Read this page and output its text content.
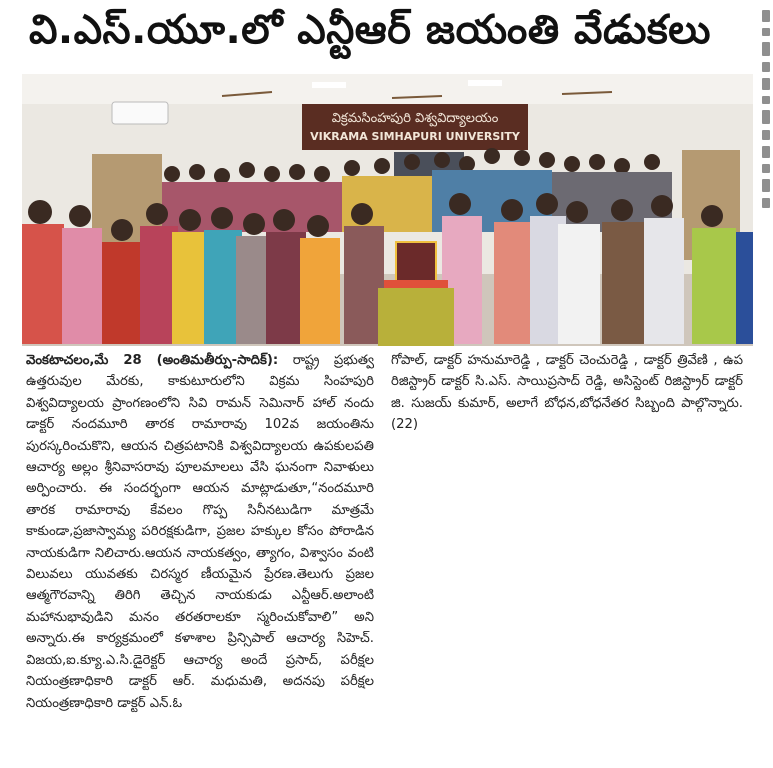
వి.ఎస్.యూ.లో ఎన్టీఆర్ జయంతి వేడుకలు
విక్రమసింహపురి విశ్వవిద్యాలయం
VIKRAMA SIMHAPURI UNIVERSITY
వెంకటాచలం,మే 28 (అంతిమతీర్పు-సాదిక్): రాష్ట్ర ప్రభుత్వ ఉత్తరువుల మేరకు, కాకుటూరులోని విక్రమ సింహపురి విశ్వవిద్యాలయ ప్రాంగణంలోని సివి రామన్ సెమినార్ హాల్ నందు డాక్టర్ నందమూరి తారక రామారావు 102వ జయంతిను పురస్కరించుకొని, ఆయన చిత్రపటానికి విశ్వవిద్యాలయ ఉపకులపతి ఆచార్య అల్లం శ్రీనివాసరావు పూలమాలలు వేసి ఘనంగా నివాళులు అర్పించారు. ఈ సందర్భంగా ఆయన మాట్లాడుతూ,“నందమూరి తారక రామారావు కేవలం గొప్ప సినీనటుడిగా మాత్రమే కాకుండా,ప్రజాస్వామ్య పరిరక్షకుడిగా, ప్రజల హక్కుల కోసం పోరాడిన నాయకుడిగా నిలిచారు.ఆయన నాయకత్వం, త్యాగం, విశ్వాసం వంటి విలువలు యువతకు చిరస్మర ణీయమైన ప్రేరణ.తెలుగు ప్రజల ఆత్మగౌరవాన్ని తిరిగి తెచ్చిన నాయకుడు ఎన్టీఆర్.అలాంటి మహానుభావుడిని మనం తరతరాలకూ స్మరించుకోవాలి” అని అన్నారు.ఈ కార్యక్రమంలో కళాశాల ప్రిన్సిపాల్ ఆచార్య సిహెచ్. విజయ,ఐ.క్యూ.ఎ.సి.డైరెక్టర్ ఆచార్య అందే ప్రసాద్, పరీక్షల నియంత్రణాధికారి డాక్టర్ ఆర్. మధుమతి, అదనపు పరీక్షల నియంత్రణాధికారి డాక్టర్ ఎన్.ఓ
గోపాల్, డాక్టర్ హనుమారెడ్డి , డాక్టర్ చెంచురెడ్డి , డాక్టర్ త్రివేణి , ఉప రిజిస్ట్రార్ డాక్టర్ సి.ఎస్. సాయిప్రసాద్ రెడ్డి, అసిస్టెంట్ రిజిస్ట్రార్ డాక్టర్ జి. సుజయ్ కుమార్, అలాగే బోధన,బోధనేతర సిబ్బంది పాల్గొన్నారు.(22)
